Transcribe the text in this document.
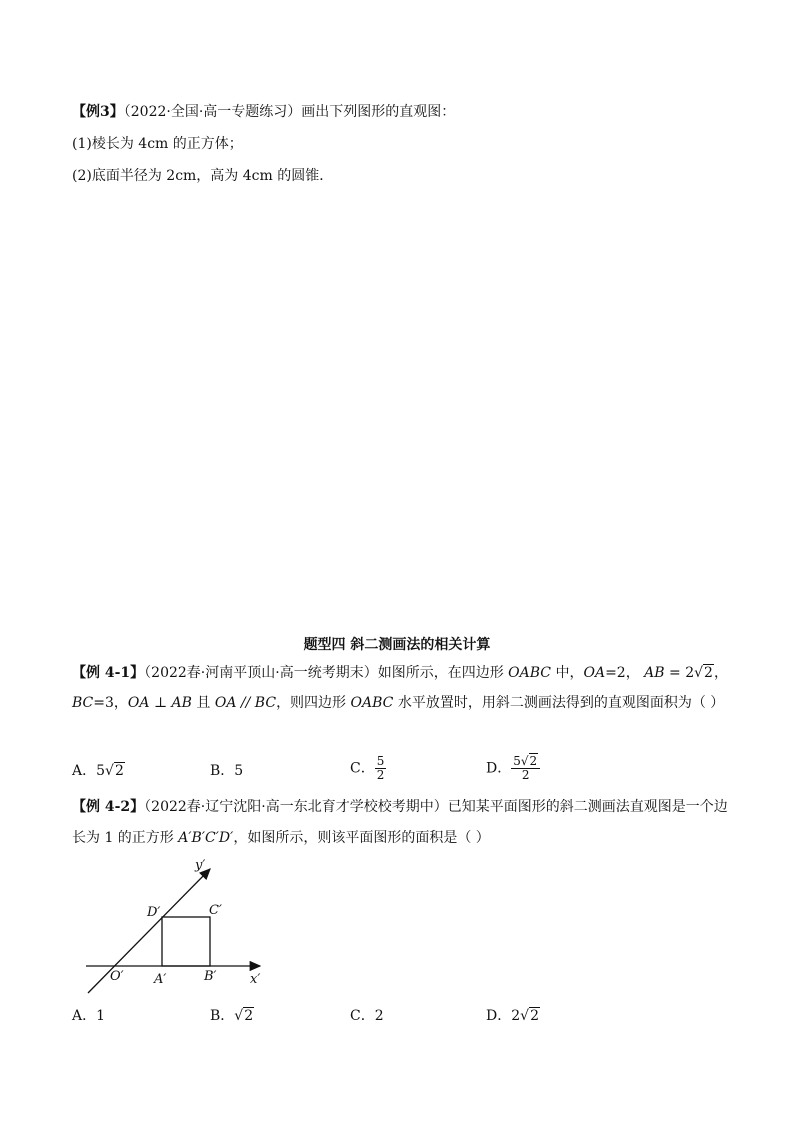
【例3】（2022·全国·高一专题练习）画出下列图形的直观图：
(1)棱长为 4cm 的正方体；
(2)底面半径为 2cm，高为 4cm 的圆锥．
题型四 斜二测画法的相关计算
【例 4-1】（2022春·河南平顶山·高一统考期末）如图所示，在四边形 OABC 中，OA=2， AB = 2√2，
BC=3，OA ⊥ AB 且 OA // BC，则四边形 OABC 水平放置时，用斜二测画法得到的直观图面积为（ ）
A．5√2	B．5	C． $\frac{5}{2}$	D． $\frac{5√2}{2}$
【例 4-2】（2022春·辽宁沈阳·高一东北育才学校校考期中）已知某平面图形的斜二测画法直观图是一个边
长为 1 的正方形 A′B′C′D′，如图所示，则该平面图形的面积是（ ）
y′
D′	C′
O′ A′	B′	x′
A．1	B．√2	C．2	D．2√2
